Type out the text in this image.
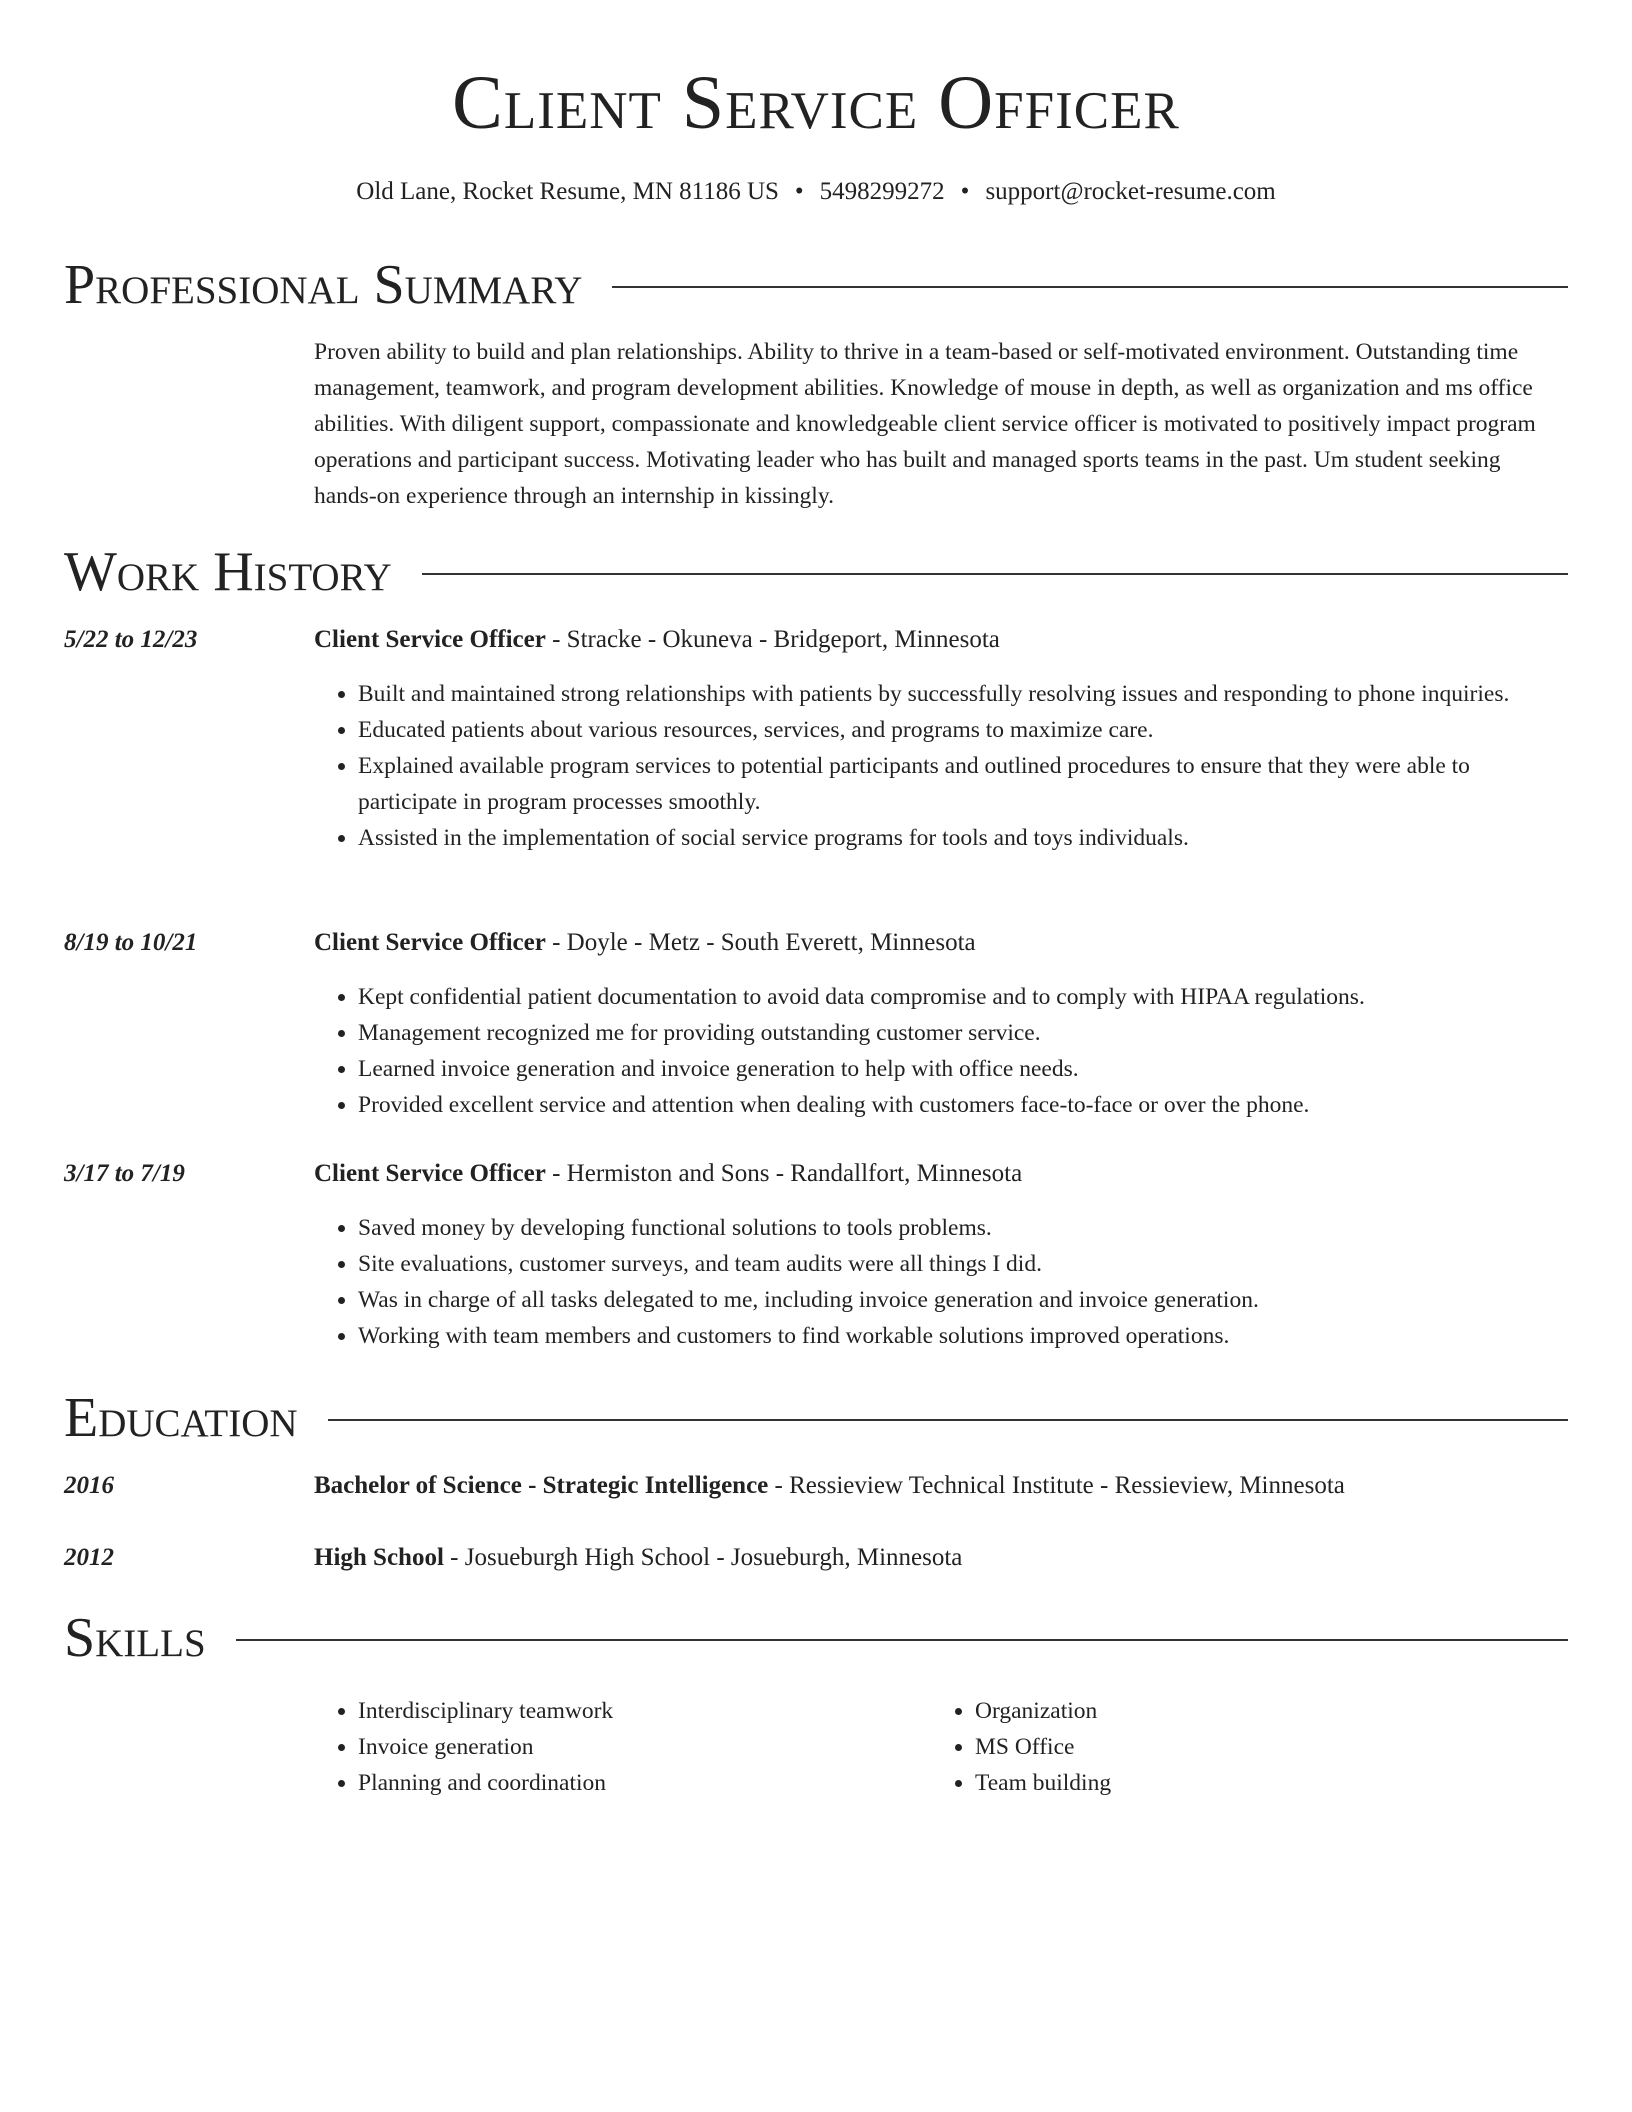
Client Service Officer
Old Lane, Rocket Resume, MN 81186 US • 5498299272 • support@rocket-resume.com
Professional Summary
Proven ability to build and plan relationships. Ability to thrive in a team-based or self-motivated environment. Outstanding time management, teamwork, and program development abilities. Knowledge of mouse in depth, as well as organization and ms office abilities. With diligent support, compassionate and knowledgeable client service officer is motivated to positively impact program operations and participant success. Motivating leader who has built and managed sports teams in the past. Um student seeking hands-on experience through an internship in kissingly.
Work History
5/22 to 12/23	Client Service Officer - Stracke - Okuneva - Bridgeport, Minnesota
• Built and maintained strong relationships with patients by successfully resolving issues and responding to phone inquiries.
• Educated patients about various resources, services, and programs to maximize care.
• Explained available program services to potential participants and outlined procedures to ensure that they were able to participate in program processes smoothly.
• Assisted in the implementation of social service programs for tools and toys individuals.
8/19 to 10/21	Client Service Officer - Doyle - Metz - South Everett, Minnesota
• Kept confidential patient documentation to avoid data compromise and to comply with HIPAA regulations.
• Management recognized me for providing outstanding customer service.
• Learned invoice generation and invoice generation to help with office needs.
• Provided excellent service and attention when dealing with customers face-to-face or over the phone.
3/17 to 7/19	Client Service Officer - Hermiston and Sons - Randallfort, Minnesota
• Saved money by developing functional solutions to tools problems.
• Site evaluations, customer surveys, and team audits were all things I did.
• Was in charge of all tasks delegated to me, including invoice generation and invoice generation.
• Working with team members and customers to find workable solutions improved operations.
Education
2016	Bachelor of Science - Strategic Intelligence - Ressieview Technical Institute - Ressieview, Minnesota
2012	High School - Josueburgh High School - Josueburgh, Minnesota
Skills
• Interdisciplinary teamwork
• Invoice generation
• Planning and coordination
• Organization
• MS Office
• Team building
